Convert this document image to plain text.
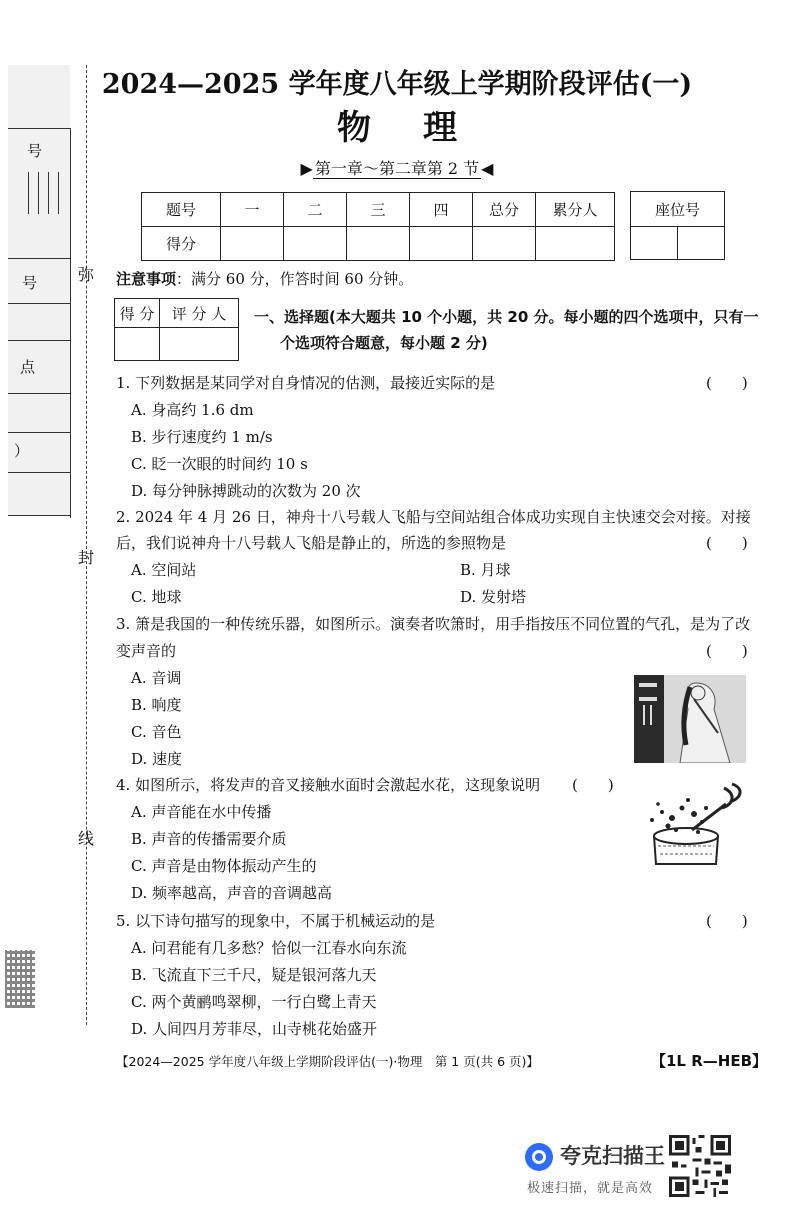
号
号
点
）
弥
封
线
2024—2025 学年度八年级上学期阶段评估(一)
物理
▶ 第一章～第二章第 2 节 ◀
题号	一	二	三	四	总分	累分人
得分						
座位号

注意事项：满分 60 分，作答时间 60 分钟。
得 分	评 分 人
	一、选择题(本大题共 10 个小题，共 20 分。每小题的四个选项中，只有一
个选项符合题意，每小题 2 分)
1. 下列数据是某同学对自身情况的估测，最接近实际的是	(　　)
A. 身高约 1.6 dm
B. 步行速度约 1 m/s
C. 眨一次眼的时间约 10 s
D. 每分钟脉搏跳动的次数为 20 次
2. 2024 年 4 月 26 日，神舟十八号载人飞船与空间站组合体成功实现自主快速交会对接。对接
后，我们说神舟十八号载人飞船是静止的，所选的参照物是	(　　)
A. 空间站	B. 月球
C. 地球	D. 发射塔
3. 箫是我国的一种传统乐器，如图所示。演奏者吹箫时，用手指按压不同位置的气孔，是为了改
变声音的	(　　)
A. 音调
B. 响度
C. 音色
D. 速度
4. 如图所示，将发声的音叉接触水面时会激起水花，这现象说明 (　　)
A. 声音能在水中传播
B. 声音的传播需要介质
C. 声音是由物体振动产生的
D. 频率越高，声音的音调越高
5. 以下诗句描写的现象中，不属于机械运动的是	(　　)
A. 问君能有几多愁？恰似一江春水向东流
B. 飞流直下三千尺，疑是银河落九天
C. 两个黄鹂鸣翠柳，一行白鹭上青天
D. 人间四月芳菲尽，山寺桃花始盛开
【2024—2025 学年度八年级上学期阶段评估(一)·物理　第 1 页(共 6 页)】	【1L R—HEB】
夸克扫描王
极速扫描，就是高效
